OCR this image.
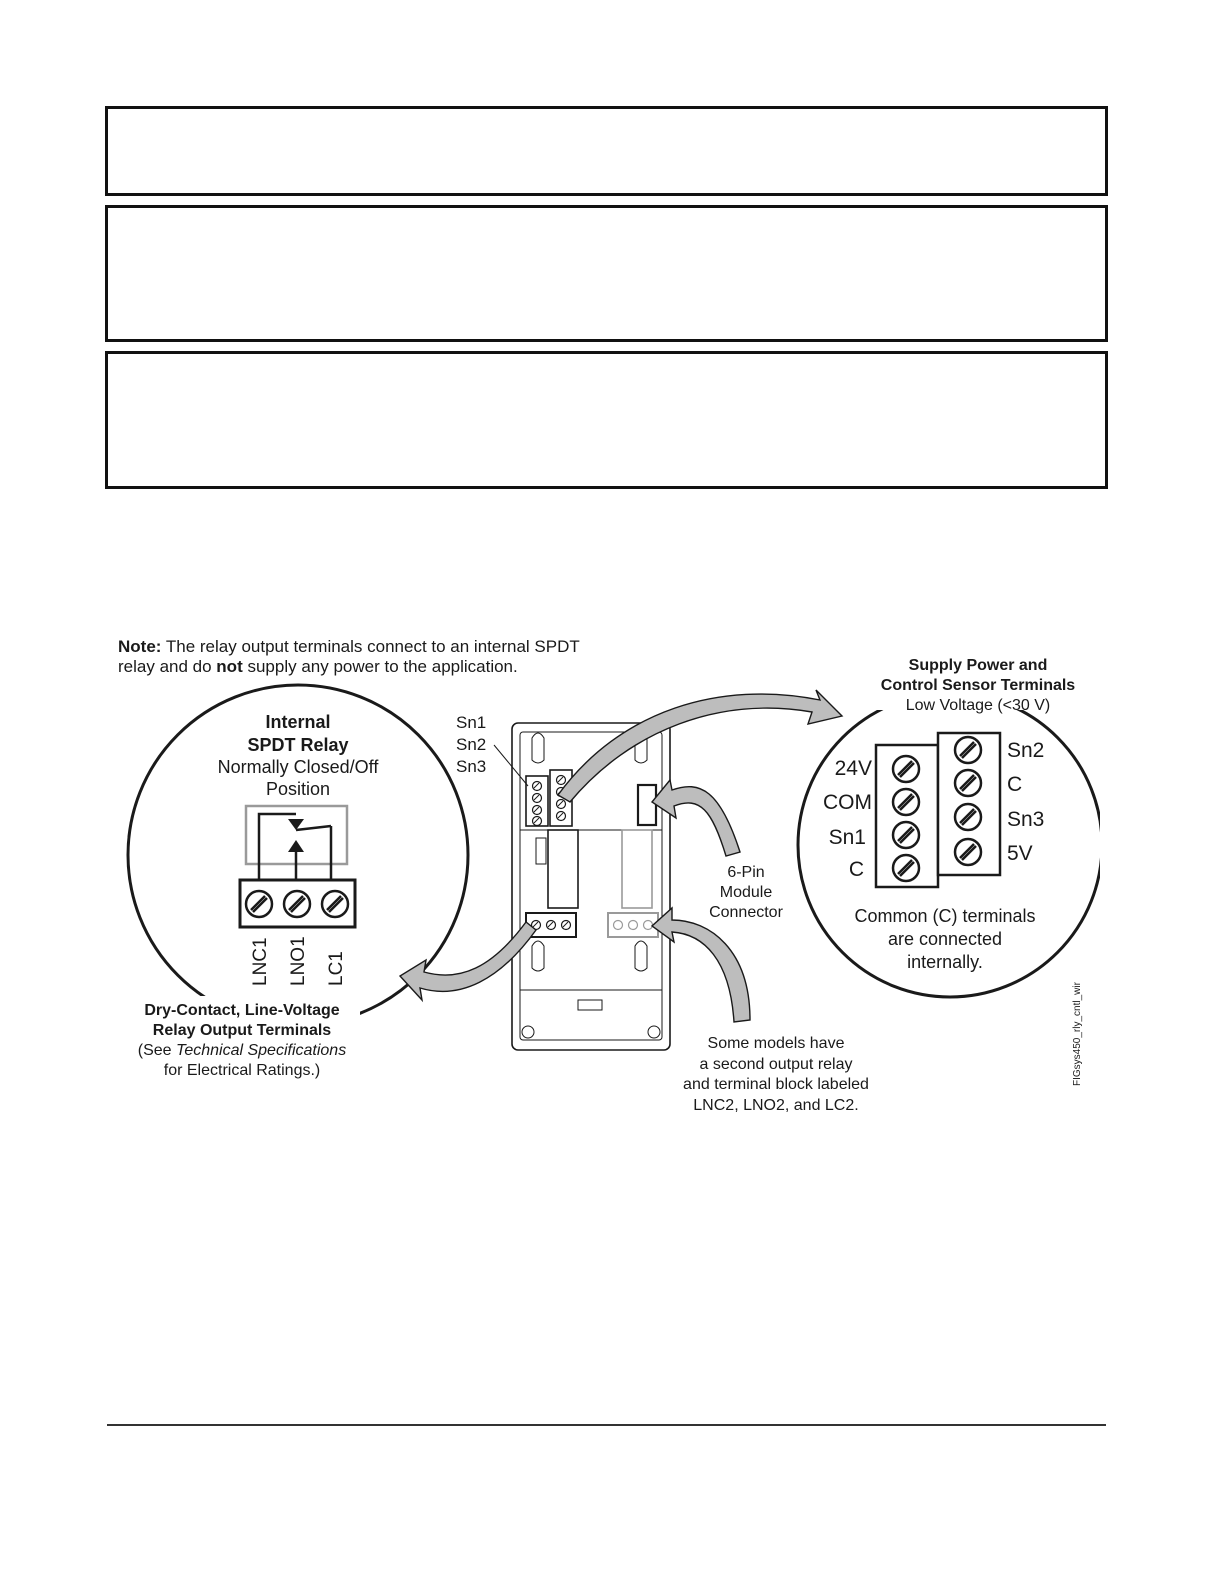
Note: The relay output terminals connect to an internal SPDT
relay and do not supply any power to the application.
Internal
SPDT Relay
Normally Closed/Off
Position
LNC1 LNO1 LC1
Dry-Contact, Line-Voltage
Relay Output Terminals
(See Technical Specifications
for Electrical Ratings.)
Sn1
Sn2
Sn3
6-Pin
Module
Connector
Some models have
a second output relay
and terminal block labeled
LNC2, LNO2, and LC2.
Supply Power and
Control Sensor Terminals
Low Voltage (<30 V)
24V
COM
Sn1
C
Sn2
C
Sn3
5V
Common (C) terminals
are connected
internally.
FIGsys450_rly_cntl_wir
